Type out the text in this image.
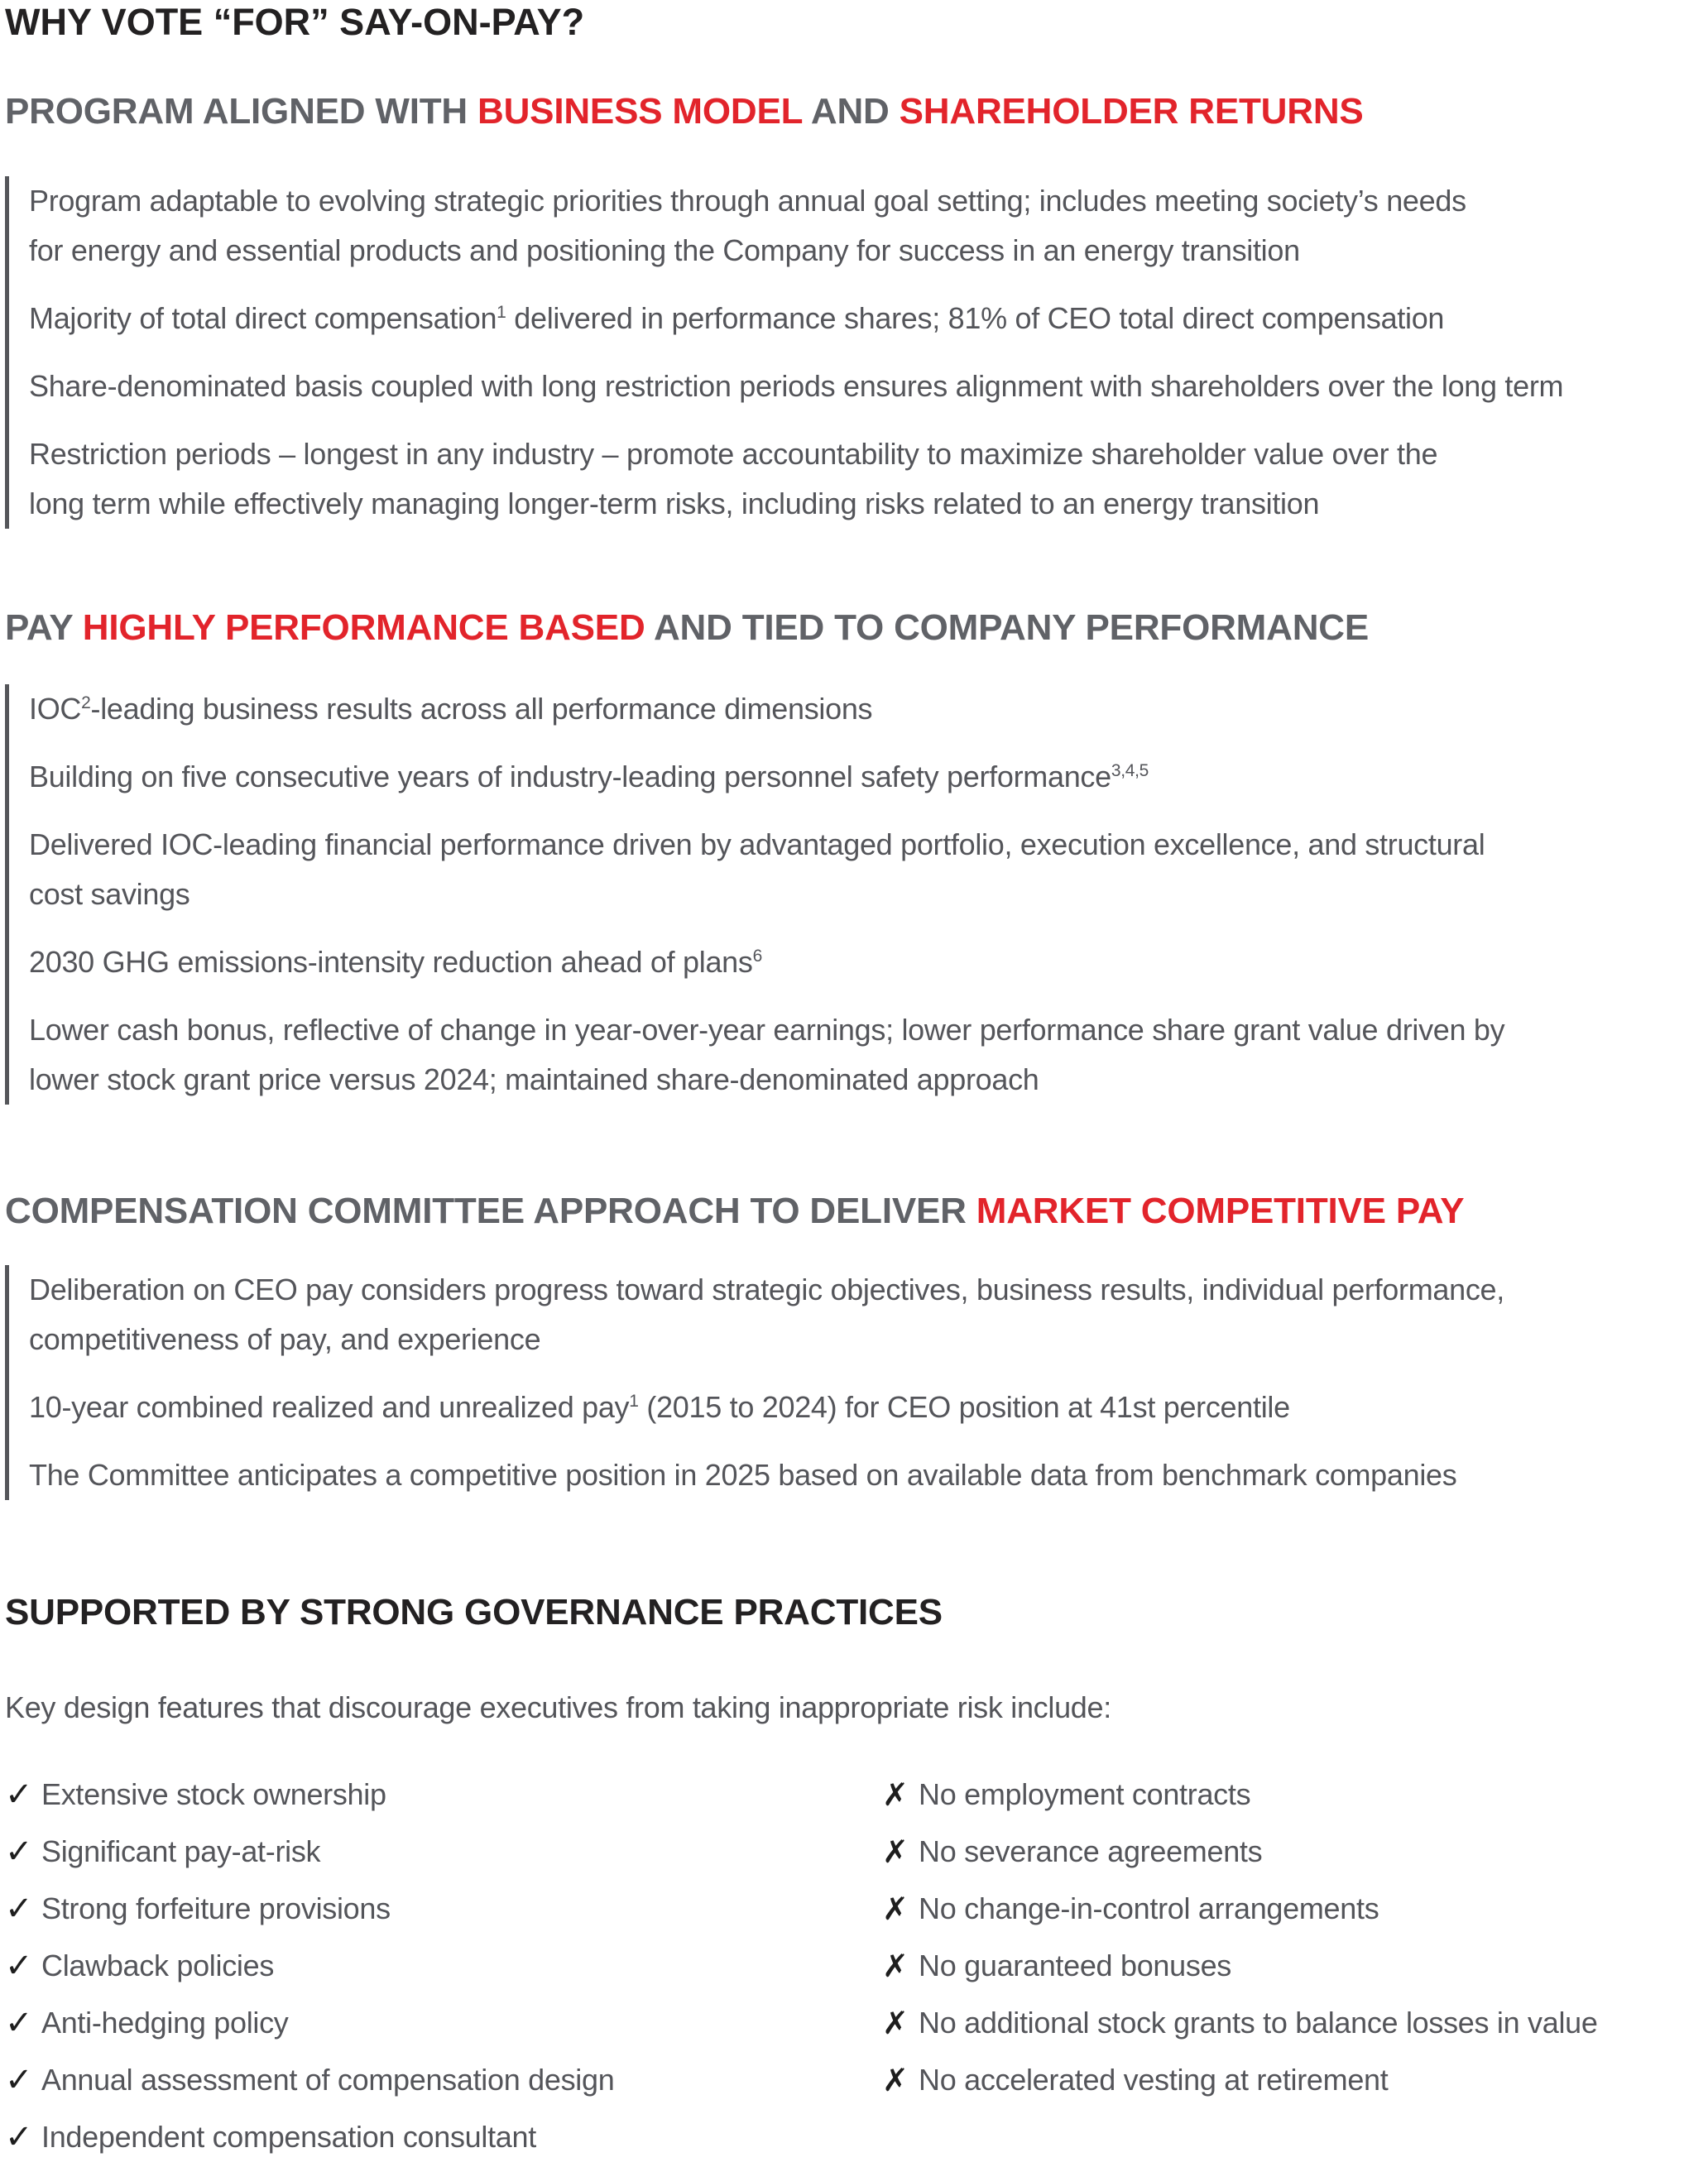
WHY VOTE “FOR” SAY-ON-PAY?
PROGRAM ALIGNED WITH BUSINESS MODEL AND SHAREHOLDER RETURNS
Program adaptable to evolving strategic priorities through annual goal setting; includes meeting society’s needs
for energy and essential products and positioning the Company for success in an energy transition
Majority of total direct compensation$^1$ delivered in performance shares; 81% of CEO total direct compensation
Share-denominated basis coupled with long restriction periods ensures alignment with shareholders over the long term
Restriction periods – longest in any industry – promote accountability to maximize shareholder value over the
long term while effectively managing longer-term risks, including risks related to an energy transition
PAY HIGHLY PERFORMANCE BASED AND TIED TO COMPANY PERFORMANCE
IOC$^2$-leading business results across all performance dimensions
Building on five consecutive years of industry-leading personnel safety performance$^{3,4,5}$
Delivered IOC-leading financial performance driven by advantaged portfolio, execution excellence, and structural
cost savings
2030 GHG emissions-intensity reduction ahead of plans$^6$
Lower cash bonus, reflective of change in year-over-year earnings; lower performance share grant value driven by
lower stock grant price versus 2024; maintained share-denominated approach
COMPENSATION COMMITTEE APPROACH TO DELIVER MARKET COMPETITIVE PAY
Deliberation on CEO pay considers progress toward strategic objectives, business results, individual performance,
competitiveness of pay, and experience
10-year combined realized and unrealized pay$^1$ (2015 to 2024) for CEO position at 41st percentile
The Committee anticipates a competitive position in 2025 based on available data from benchmark companies
SUPPORTED BY STRONG GOVERNANCE PRACTICES

Key design features that discourage executives from taking inappropriate risk include:

✓ Extensive stock ownership
✓ Significant pay-at-risk
✓ Strong forfeiture provisions
✓ Clawback policies
✓ Anti-hedging policy
✓ Annual assessment of compensation design
✓ Independent compensation consultant
✗ No employment contracts
✗ No severance agreements
✗ No change-in-control arrangements
✗ No guaranteed bonuses
✗ No additional stock grants to balance losses in value
✗ No accelerated vesting at retirement
